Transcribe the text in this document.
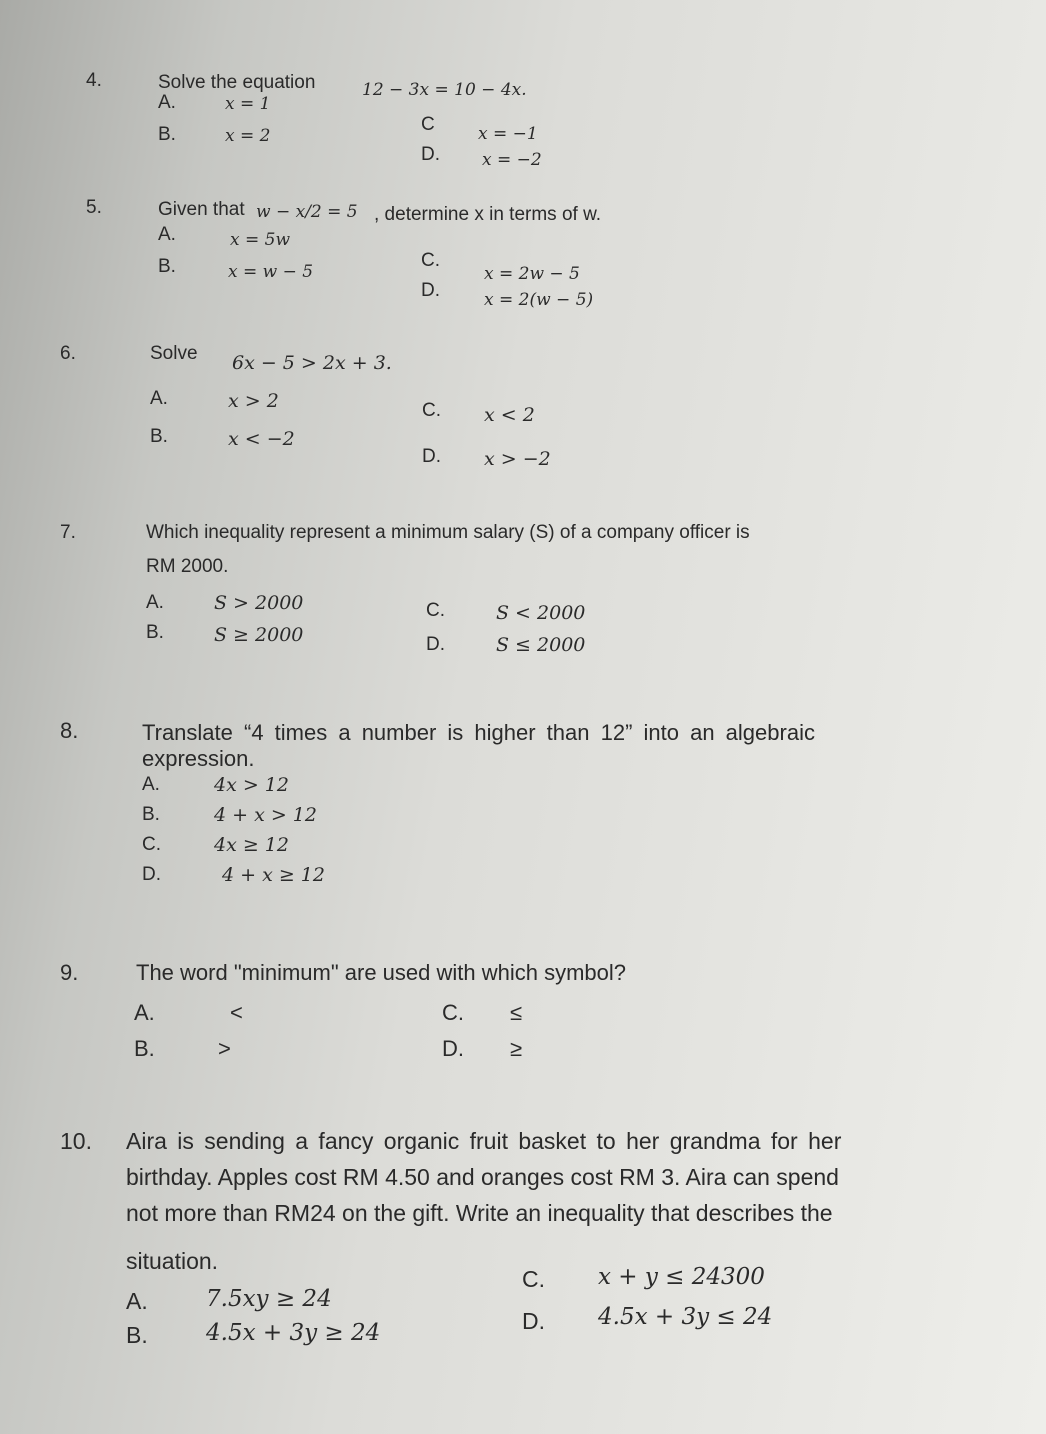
4.	Solve the equation	12 − 3x = 10 − 4x.
A.	x = 1
B.	x = 2
C	x = −1
D. x = −2
5.	Given that w − x/2 = 5 , determine x in terms of w.
A.	x = 5w
B.	x = w − 5
C.
x = 2w − 5
D.	x = 2(w − 5)
6.	Solve 6x − 5 > 2x + 3.
A.	x > 2
B.	x < −2
C. x < 2
D. x > −2
7.	Which inequality represent a minimum salary (S) of a company officer is
RM 2000.
A.	S > 2000
B.	S ≥ 2000
C.	S < 2000
D.	S ≤ 2000
8.	Translate “4 times a number is higher than 12” into an algebraic
expression.
A.	4x > 12
B.	4 + x > 12
C.	4x ≥ 12
D.	4 + x ≥ 12
9.	The word "minimum" are used with which symbol?
A.	<
B.	>
C. ≤
D. ≥
10. Aira is sending a fancy organic fruit basket to her grandma for her
birthday. Apples cost RM 4.50 and oranges cost RM 3. Aira can spend
not more than RM24 on the gift. Write an inequality that describes the
situation.
A.	7.5xy ≥ 24
B.	4.5x + 3y ≥ 24
C. x + y ≤ 24300
D. 4.5x + 3y ≤ 24
